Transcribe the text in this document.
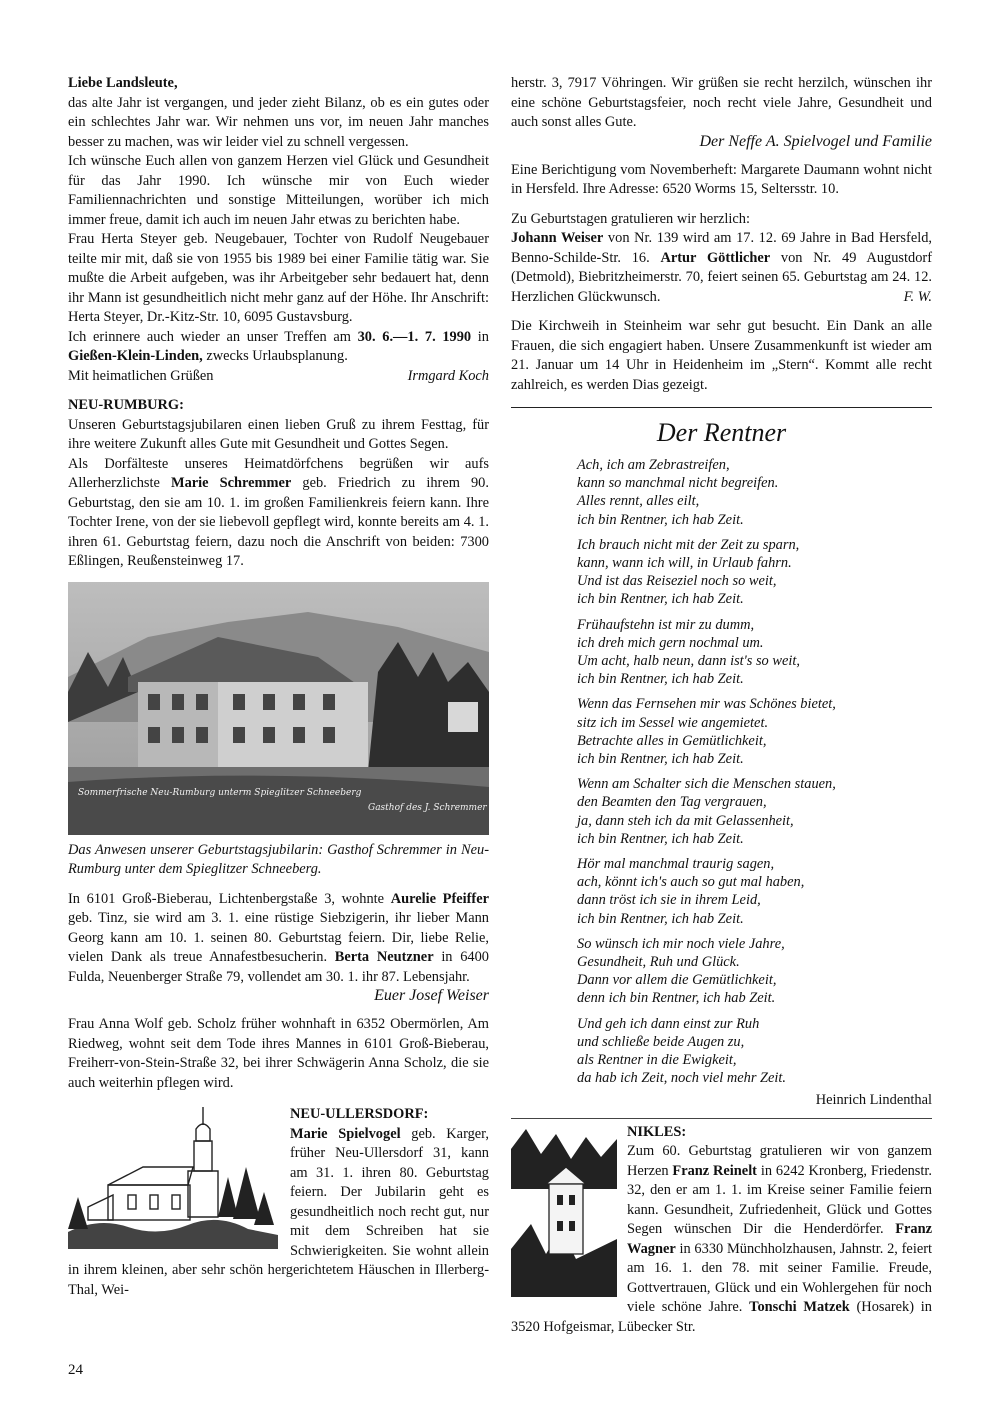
Liebe Landsleute,

das alte Jahr ist vergangen, und jeder zieht Bilanz, ob es ein gutes oder ein schlechtes Jahr war. Wir nehmen uns vor, im neuen Jahr manches besser zu machen, was wir leider viel zu schnell vergessen.

Ich wünsche Euch allen von ganzem Herzen viel Glück und Gesundheit für das Jahr 1990. Ich wünsche mir von Euch wieder Familiennachrichten und sonstige Mitteilungen, worüber ich mich immer freue, damit ich auch im neuen Jahr etwas zu berichten habe.

Frau Herta Steyer geb. Neugebauer, Tochter von Rudolf Neugebauer teilte mir mit, daß sie von 1955 bis 1989 bei einer Familie tätig war. Sie mußte die Arbeit aufgeben, was ihr Arbeitgeber sehr bedauert hat, denn ihr Mann ist gesundheitlich nicht mehr ganz auf der Höhe. Ihr Anschrift: Herta Steyer, Dr.-Kitz-Str. 10, 6095 Gustavsburg.

Ich erinnere auch wieder an unser Treffen am 30. 6.—1. 7. 1990 in Gießen-Klein-Linden, zwecks Urlaubsplanung.

Mit heimatlichen Grüßen	Irmgard Koch

NEU-RUMBURG:

Unseren Geburtstagsjubilaren einen lieben Gruß zu ihrem Festtag, für ihre weitere Zukunft alles Gute mit Gesundheit und Gottes Segen.

Als Dorfälteste unseres Heimatdörfchens begrüßen wir aufs Allerherzlichste Marie Schremmer geb. Friedrich zu ihrem 90. Geburtstag, den sie am 10. 1. im großen Familienkreis feiern kann. Ihre Tochter Irene, von der sie liebevoll gepflegt wird, konnte bereits am 4. 1. ihren 61. Geburtstag feiern, dazu noch die Anschrift von beiden: 7300 Eßlingen, Reußensteinweg 17.

Sommerfrische Neu-Rumburg unterm Spieglitzer Schneeberg
Gasthof des J. Schremmer

Das Anwesen unserer Geburtstagsjubilarin: Gasthof Schremmer in Neu-Rumburg unter dem Spieglitzer Schneeberg.

In 6101 Groß-Bieberau, Lichtenbergstaße 3, wohnte Aurelie Pfeiffer geb. Tinz, sie wird am 3. 1. eine rüstige Siebzigerin, ihr lieber Mann Georg kann am 10. 1. seinen 80. Geburtstag feiern. Dir, liebe Relie, vielen Dank als treue Annafestbesucherin. Berta Neutzner in 6400 Fulda, Neuenberger Straße 79, vollendet am 30. 1. ihr 87. Lebensjahr.

Euer Josef Weiser

Frau Anna Wolf geb. Scholz früher wohnhaft in 6352 Obermörlen, Am Riedweg, wohnt seit dem Tode ihres Mannes in 6101 Groß-Bieberau, Freiherr-von-Stein-Straße 32, bei ihrer Schwägerin Anna Scholz, die sie auch weiterhin pflegen wird.

NEU-ULLERSDORF:

Marie Spielvogel geb. Karger, früher Neu-Ullersdorf 31, kann am 31. 1. ihren 80. Geburtstag feiern. Der Jubilarin geht es gesundheitlich noch recht gut, nur mit dem Schreiben hat sie Schwierigkeiten. Sie wohnt allein in ihrem kleinen, aber sehr schön hergerichtetem Häuschen in Illerberg-Thal, Wei-

herstr. 3, 7917 Vöhringen. Wir grüßen sie recht herzilch, wünschen ihr eine schöne Geburtstagsfeier, noch recht viele Jahre, Gesundheit und auch sonst alles Gute.

Der Neffe A. Spielvogel und Familie

Eine Berichtigung vom Novemberheft: Margarete Daumann wohnt nicht in Hersfeld. Ihre Adresse: 6520 Worms 15, Seltersstr. 10.

Zu Geburtstagen gratulieren wir herzlich:

Johann Weiser von Nr. 139 wird am 17. 12. 69 Jahre in Bad Hersfeld, Benno-Schilde-Str. 16. Artur Göttlicher von Nr. 49 Augustdorf (Detmold), Biebritzheimerstr. 70, feiert seinen 65. Geburtstag am 24. 12. Herzlichen Glückwunsch.	F. W.

Die Kirchweih in Steinheim war sehr gut besucht. Ein Dank an alle Frauen, die sich engagiert haben. Unsere Zusammenkunft ist wieder am 21. Januar um 14 Uhr in Heidenheim im „Stern“. Kommt alle recht zahlreich, es werden Dias gezeigt.

Der Rentner
Ach, ich am Zebrastreifen,
kann so manchmal nicht begreifen.
Alles rennt, alles eilt,
ich bin Rentner, ich hab Zeit.
Ich brauch nicht mit der Zeit zu sparn,
kann, wann ich will, in Urlaub fahrn.
Und ist das Reiseziel noch so weit,
ich bin Rentner, ich hab Zeit.
Frühaufstehn ist mir zu dumm,
ich dreh mich gern nochmal um.
Um acht, halb neun, dann ist's so weit,
ich bin Rentner, ich hab Zeit.
Wenn das Fernsehen mir was Schönes bietet,
sitz ich im Sessel wie angemietet.
Betrachte alles in Gemütlichkeit,
ich bin Rentner, ich hab Zeit.
Wenn am Schalter sich die Menschen stauen,
den Beamten den Tag vergrauen,
ja, dann steh ich da mit Gelassenheit,
ich bin Rentner, ich hab Zeit.
Hör mal manchmal traurig sagen,
ach, könnt ich's auch so gut mal haben,
dann tröst ich sie in ihrem Leid,
ich bin Rentner, ich hab Zeit.
So wünsch ich mir noch viele Jahre,
Gesundheit, Ruh und Glück.
Dann vor allem die Gemütlichkeit,
denn ich bin Rentner, ich hab Zeit.
Und geh ich dann einst zur Ruh
und schließe beide Augen zu,
als Rentner in die Ewigkeit,
da hab ich Zeit, noch viel mehr Zeit.
Heinrich Lindenthal

NIKLES:

Zum 60. Geburtstag gratulieren wir von ganzem Herzen Franz Reinelt in 6242 Kronberg, Friedenstr. 32, den er am 1. 1. im Kreise seiner Familie feiern kann. Gesundheit, Zufriedenheit, Glück und Gottes Segen wünschen Dir die Henderdörfer. Franz Wagner in 6330 Münchholzhausen, Jahnstr. 2, feiert am 16. 1. den 78. mit seiner Familie. Freude, Gottvertrauen, Glück und ein Wohlergehen für noch viele schöne Jahre. Tonschi Matzek (Hosarek) in 3520 Hofgeismar, Lübecker Str.

24
